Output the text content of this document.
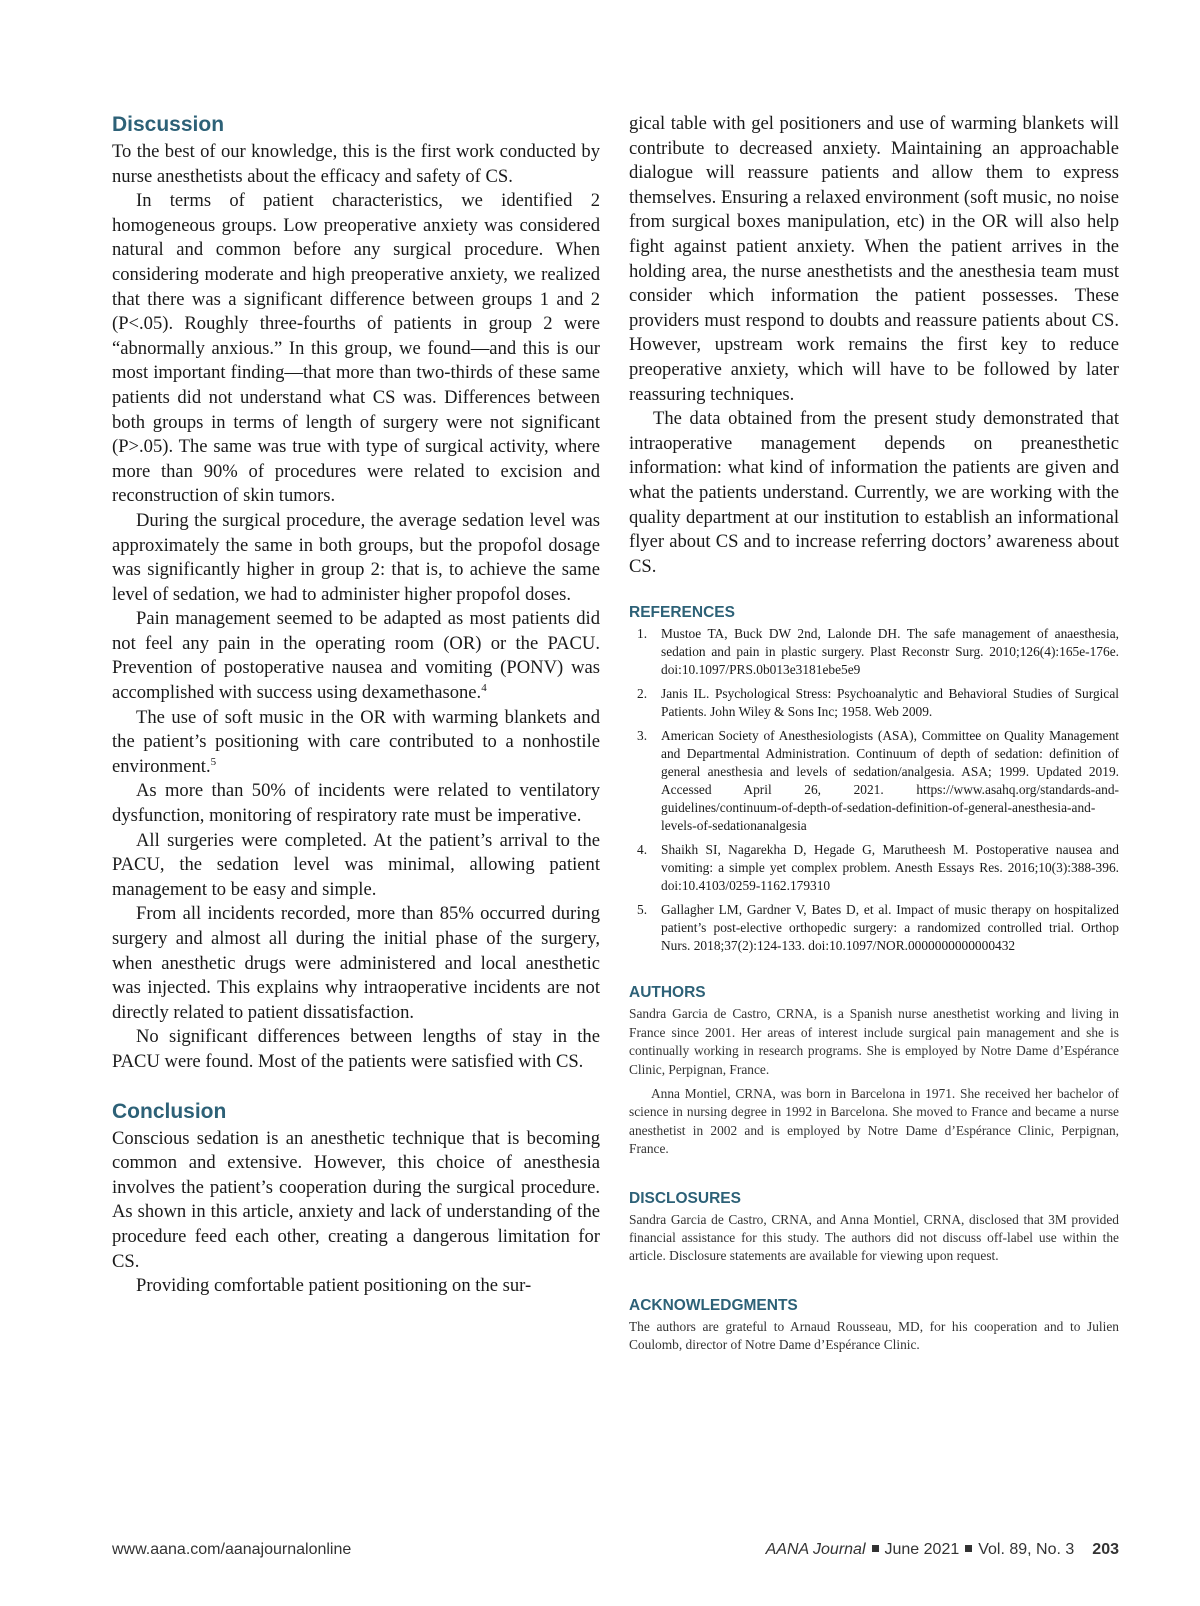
Discussion

To the best of our knowledge, this is the first work conducted by nurse anesthetists about the efficacy and safety of CS.

In terms of patient characteristics, we identified 2 homogeneous groups. Low preoperative anxiety was considered natural and common before any surgical procedure. When considering moderate and high preoperative anxiety, we realized that there was a significant difference between groups 1 and 2 (P<.05). Roughly three-fourths of patients in group 2 were “abnormally anxious.” In this group, we found—and this is our most important finding—that more than two-thirds of these same patients did not understand what CS was. Differences between both groups in terms of length of surgery were not significant (P>.05). The same was true with type of surgical activity, where more than 90% of procedures were related to excision and reconstruction of skin tumors.

During the surgical procedure, the average sedation level was approximately the same in both groups, but the propofol dosage was significantly higher in group 2: that is, to achieve the same level of sedation, we had to administer higher propofol doses.

Pain management seemed to be adapted as most patients did not feel any pain in the operating room (OR) or the PACU. Prevention of postoperative nausea and vomiting (PONV) was accomplished with success using dexamethasone.$^4$

The use of soft music in the OR with warming blankets and the patient’s positioning with care contributed to a nonhostile environment.$^5$

As more than 50% of incidents were related to ventilatory dysfunction, monitoring of respiratory rate must be imperative.

All surgeries were completed. At the patient’s arrival to the PACU, the sedation level was minimal, allowing patient management to be easy and simple.

From all incidents recorded, more than 85% occurred during surgery and almost all during the initial phase of the surgery, when anesthetic drugs were administered and local anesthetic was injected. This explains why intraoperative incidents are not directly related to patient dissatisfaction.

No significant differences between lengths of stay in the PACU were found. Most of the patients were satisfied with CS.

Conclusion

Conscious sedation is an anesthetic technique that is becoming common and extensive. However, this choice of anesthesia involves the patient’s cooperation during the surgical procedure. As shown in this article, anxiety and lack of understanding of the procedure feed each other, creating a dangerous limitation for CS.

Providing comfortable patient positioning on the sur-

gical table with gel positioners and use of warming blankets will contribute to decreased anxiety. Maintaining an approachable dialogue will reassure patients and allow them to express themselves. Ensuring a relaxed environment (soft music, no noise from surgical boxes manipulation, etc) in the OR will also help fight against patient anxiety. When the patient arrives in the holding area, the nurse anesthetists and the anesthesia team must consider which information the patient possesses. These providers must respond to doubts and reassure patients about CS. However, upstream work remains the first key to reduce preoperative anxiety, which will have to be followed by later reassuring techniques.

The data obtained from the present study demonstrated that intraoperative management depends on preanesthetic information: what kind of information the patients are given and what the patients understand. Currently, we are working with the quality department at our institution to establish an informational flyer about CS and to increase referring doctors’ awareness about CS.

REFERENCES
1. Mustoe TA, Buck DW 2nd, Lalonde DH. The safe management of anaesthesia, sedation and pain in plastic surgery. Plast Reconstr Surg. 2010;126(4):165e-176e. doi:10.1097/PRS.0b013e3181ebe5e9
2. Janis IL. Psychological Stress: Psychoanalytic and Behavioral Studies of Surgical Patients. John Wiley & Sons Inc; 1958. Web 2009.
3. American Society of Anesthesiologists (ASA), Committee on Quality Management and Departmental Administration. Continuum of depth of sedation: definition of general anesthesia and levels of sedation/analgesia. ASA; 1999. Updated 2019. Accessed April 26, 2021. https://www.asahq.org/standards-and-guidelines/continuum-of-depth-of-sedation-definition-of-general-anesthesia-and-levels-of-sedationanalgesia
4. Shaikh SI, Nagarekha D, Hegade G, Marutheesh M. Postoperative nausea and vomiting: a simple yet complex problem. Anesth Essays Res. 2016;10(3):388-396. doi:10.4103/0259-1162.179310
5. Gallagher LM, Gardner V, Bates D, et al. Impact of music therapy on hospitalized patient’s post-elective orthopedic surgery: a randomized controlled trial. Orthop Nurs. 2018;37(2):124-133. doi:10.1097/NOR.0000000000000432
AUTHORS

Sandra Garcia de Castro, CRNA, is a Spanish nurse anesthetist working and living in France since 2001. Her areas of interest include surgical pain management and she is continually working in research programs. She is employed by Notre Dame d’Espérance Clinic, Perpignan, France.

Anna Montiel, CRNA, was born in Barcelona in 1971. She received her bachelor of science in nursing degree in 1992 in Barcelona. She moved to France and became a nurse anesthetist in 2002 and is employed by Notre Dame d’Espérance Clinic, Perpignan, France.

DISCLOSURES

Sandra Garcia de Castro, CRNA, and Anna Montiel, CRNA, disclosed that 3M provided financial assistance for this study. The authors did not discuss off-label use within the article. Disclosure statements are available for viewing upon request.

ACKNOWLEDGMENTS

The authors are grateful to Arnaud Rousseau, MD, for his cooperation and to Julien Coulomb, director of Notre Dame d’Espérance Clinic.

www.aana.com/aanajournalonline	AANA Journal June 2021 Vol. 89, No. 3 203
